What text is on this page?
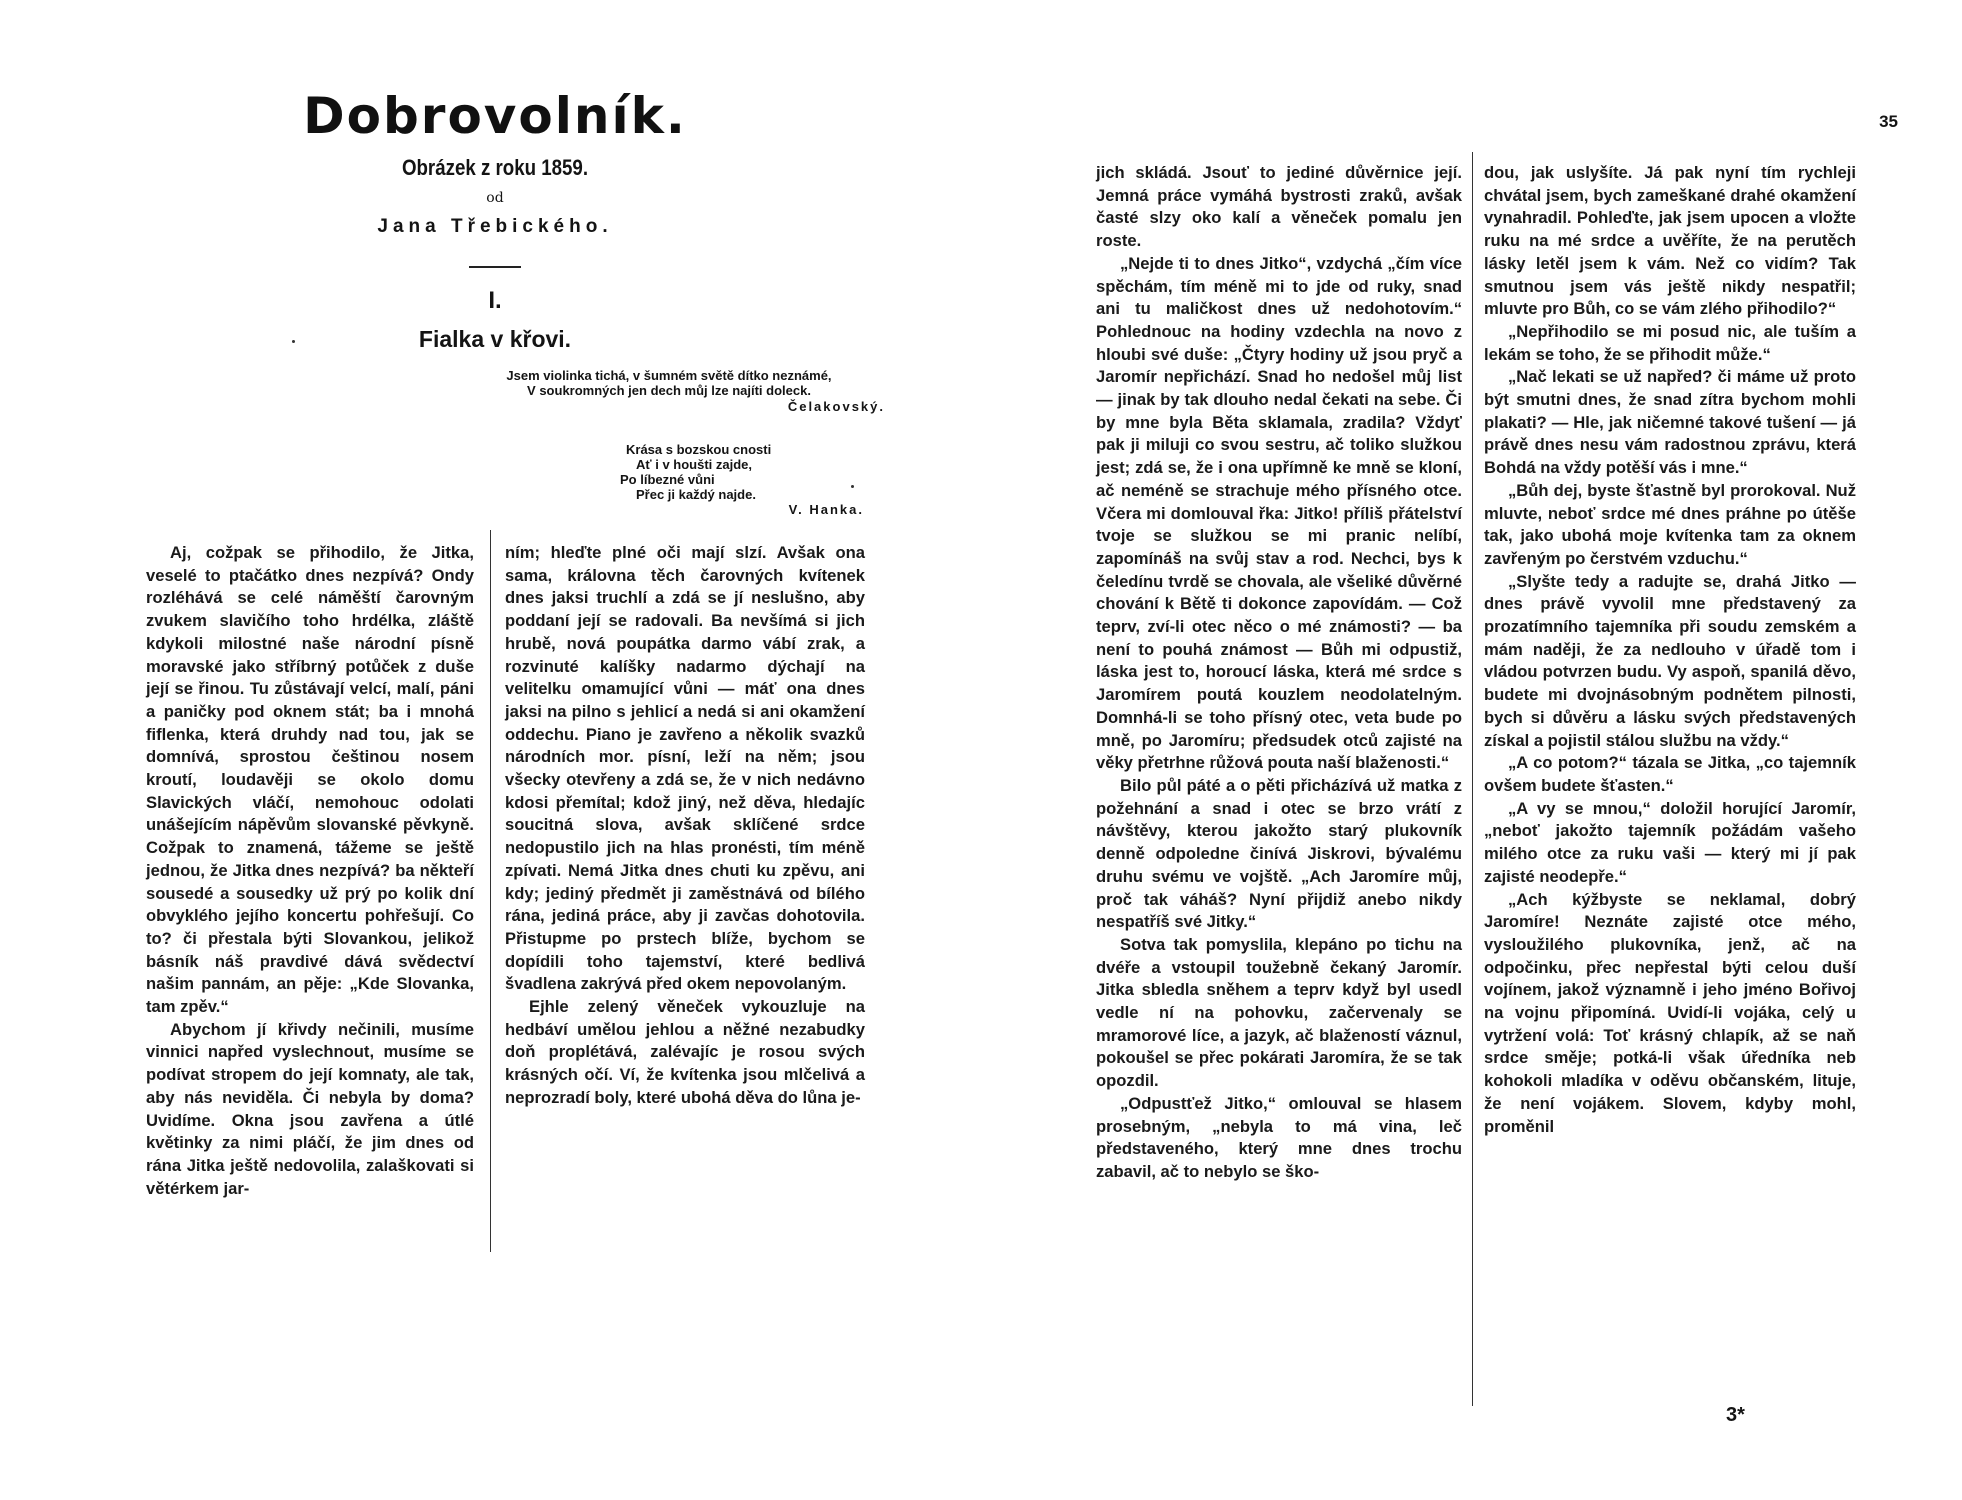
Dobrovolník.
Obrázek z roku 1859.
od
Jana Třebického.
I.
Fialka v křovi.
Jsem violinka tichá, v šumném světě dítko neznámé,
V soukromných jen dech můj lze najíti doleck.
Čelakovský.
Krása s bozskou cnosti
Ať i v houšti zajde,
Po líbezné vůni
Přec ji každý najde.
V. Hanka.

Aj, cožpak se přihodilo, že Jitka, veselé to ptačátko dnes nezpívá? Ondy rozléhává se celé náměští čarovným zvukem slavičího toho hrdélka, zláště kdykoli milostné naše národní písně moravské jako stříbrný potůček z duše její se řinou. Tu zůstávají velcí, malí, páni a paničky pod oknem stát; ba i mnohá fiflenka, která druhdy nad tou, jak se domnívá, sprostou češtinou nosem kroutí, loudavěji se okolo domu Slavických vláčí, nemohouc odolati unášejícím nápěvům slovanské pěvkyně. Cožpak to znamená, tážeme se ještě jednou, že Jitka dnes nezpívá? ba někteří sousedé a sousedky už prý po kolik dní obvyklého jejího koncertu pohřešují. Co to? či přestala býti Slovankou, jelikož básník náš pravdivé dává svědectví našim pannám, an pěje: „Kde Slovanka, tam zpěv.“

Abychom jí křivdy nečinili, musíme vinnici napřed vyslechnout, musíme se podívat stropem do její komnaty, ale tak, aby nás neviděla. Či nebyla by doma? Uvidíme. Okna jsou zavřena a útlé květinky za nimi pláčí, že jim dnes od rána Jitka ještě nedovolila, zalaškovati si větérkem jar-

ním; hleďte plné oči mají slzí. Avšak ona sama, královna těch čarovných kvítenek dnes jaksi truchlí a zdá se jí neslušno, aby poddaní její se radovali. Ba nevšímá si jich hrubě, nová poupátka darmo vábí zrak, a rozvinuté kalíšky nadarmo dýchají na velitelku omamující vůni — máť ona dnes jaksi na pilno s jehlicí a nedá si ani okamžení oddechu. Piano je zavřeno a několik svazků národních mor. písní, leží na něm; jsou všecky otevřeny a zdá se, že v nich nedávno kdosi přemítal; kdož jiný, než děva, hledajíc soucitná slova, avšak sklíčené srdce nedopustilo jich na hlas pronésti, tím méně zpívati. Nemá Jitka dnes chuti ku zpěvu, ani kdy; jediný předmět ji zaměstnává od bílého rána, jediná práce, aby ji zavčas dohotovila. Přistupme po prstech blíže, bychom se dopídili toho tajemství, které bedlivá švadlena zakrývá před okem nepovolaným.

Ejhle zelený věneček vykouzluje na hedbáví umělou jehlou a něžné nezabudky doň proplétává, zalévajíc je rosou svých krásných očí. Ví, že kvítenka jsou mlčelivá a neprozradí boly, které ubohá děva do lůna je-

35

jich skládá. Jsouť to jediné důvěrnice její. Jemná práce vymáhá bystrosti zraků, avšak časté slzy oko kalí a věneček pomalu jen roste.

„Nejde ti to dnes Jitko“, vzdychá „čím více spěchám, tím méně mi to jde od ruky, snad ani tu maličkost dnes už nedohotovím.“ Pohlednouc na hodiny vzdechla na novo z hloubi své duše: „Čtyry hodiny už jsou pryč a Jaromír nepřichází. Snad ho nedošel můj list — jinak by tak dlouho nedal čekati na sebe. Či by mne byla Běta sklamala, zradila? Vždyť pak ji miluji co svou sestru, ač toliko služkou jest; zdá se, že i ona upřímně ke mně se kloní, ač neméně se strachuje mého přísného otce. Včera mi domlouval řka: Jitko! příliš přátelství tvoje se služkou se mi pranic nelíbí, zapomínáš na svůj stav a rod. Nechci, bys k čeledínu tvrdě se chovala, ale všeliké důvěrné chování k Bětě ti dokonce zapovídám. — Což teprv, zví-li otec něco o mé známosti? — ba není to pouhá známost — Bůh mi odpustiž, láska jest to, horoucí láska, která mé srdce s Jaromírem poutá kouzlem neodolatelným. Domnhá-li se toho přísný otec, veta bude po mně, po Jaromíru; předsudek otců zajisté na věky přetrhne růžová pouta naší blaženosti.“

Bilo půl páté a o pěti přicházívá už matka z požehnání a snad i otec se brzo vrátí z návštěvy, kterou jakožto starý plukovník denně odpoledne činívá Jiskrovi, bývalému druhu svému ve vojště. „Ach Jaromíre můj, proč tak váháš? Nyní přijdiž anebo nikdy nespatříš své Jitky.“

Sotva tak pomyslila, klepáno po tichu na dvéře a vstoupil toužebně čekaný Jaromír. Jitka sbledla sněhem a teprv když byl usedl vedle ní na pohovku, začervenaly se mramorové líce, a jazyk, ač blažeností váznul, pokoušel se přec pokárati Jaromíra, že se tak opozdil.

„Odpustťež Jitko,“ omlouval se hlasem prosebným, „nebyla to má vina, leč představeného, který mne dnes trochu zabavil, ač to nebylo se ško-

dou, jak uslyšíte. Já pak nyní tím rychleji chvátal jsem, bych zameškané drahé okamžení vynahradil. Pohleďte, jak jsem upocen a vložte ruku na mé srdce a uvěříte, že na perutěch lásky letěl jsem k vám. Než co vidím? Tak smutnou jsem vás ještě nikdy nespatřil; mluvte pro Bůh, co se vám zlého přihodilo?“

„Nepřihodilo se mi posud nic, ale tuším a lekám se toho, že se přihodit může.“

„Nač lekati se už napřed? či máme už proto být smutni dnes, že snad zítra bychom mohli plakati? — Hle, jak ničemné takové tušení — já právě dnes nesu vám radostnou zprávu, která Bohdá na vždy potěší vás i mne.“

„Bůh dej, byste šťastně byl prorokoval. Nuž mluvte, neboť srdce mé dnes práhne po útěše tak, jako ubohá moje kvítenka tam za oknem zavřeným po čerstvém vzduchu.“

„Slyšte tedy a radujte se, drahá Jitko — dnes právě vyvolil mne představený za prozatímního tajemníka při soudu zemském a mám naději, že za nedlouho v úřadě tom i vládou potvrzen budu. Vy aspoň, spanilá děvo, budete mi dvojnásobným podnětem pilnosti, bych si důvěru a lásku svých představených získal a pojistil stálou službu na vždy.“

„A co potom?“ tázala se Jitka, „co tajemník ovšem budete šťasten.“

„A vy se mnou,“ doložil horující Jaromír, „neboť jakožto tajemník požádám vašeho milého otce za ruku vaši — který mi jí pak zajisté neodepře.“

„Ach kýžbyste se neklamal, dobrý Jaromíre! Neznáte zajisté otce mého, vysloužilého plukovníka, jenž, ač na odpočinku, přec nepřestal býti celou duší vojínem, jakož významně i jeho jméno Bořivoj na vojnu připomíná. Uvidí-li vojáka, celý u vytržení volá: Toť krásný chlapík, až se naň srdce směje; potká-li však úředníka neb kohokoli mladíka v oděvu občanském, lituje, že není vojákem. Slovem, kdyby mohl, proměnil

3*
